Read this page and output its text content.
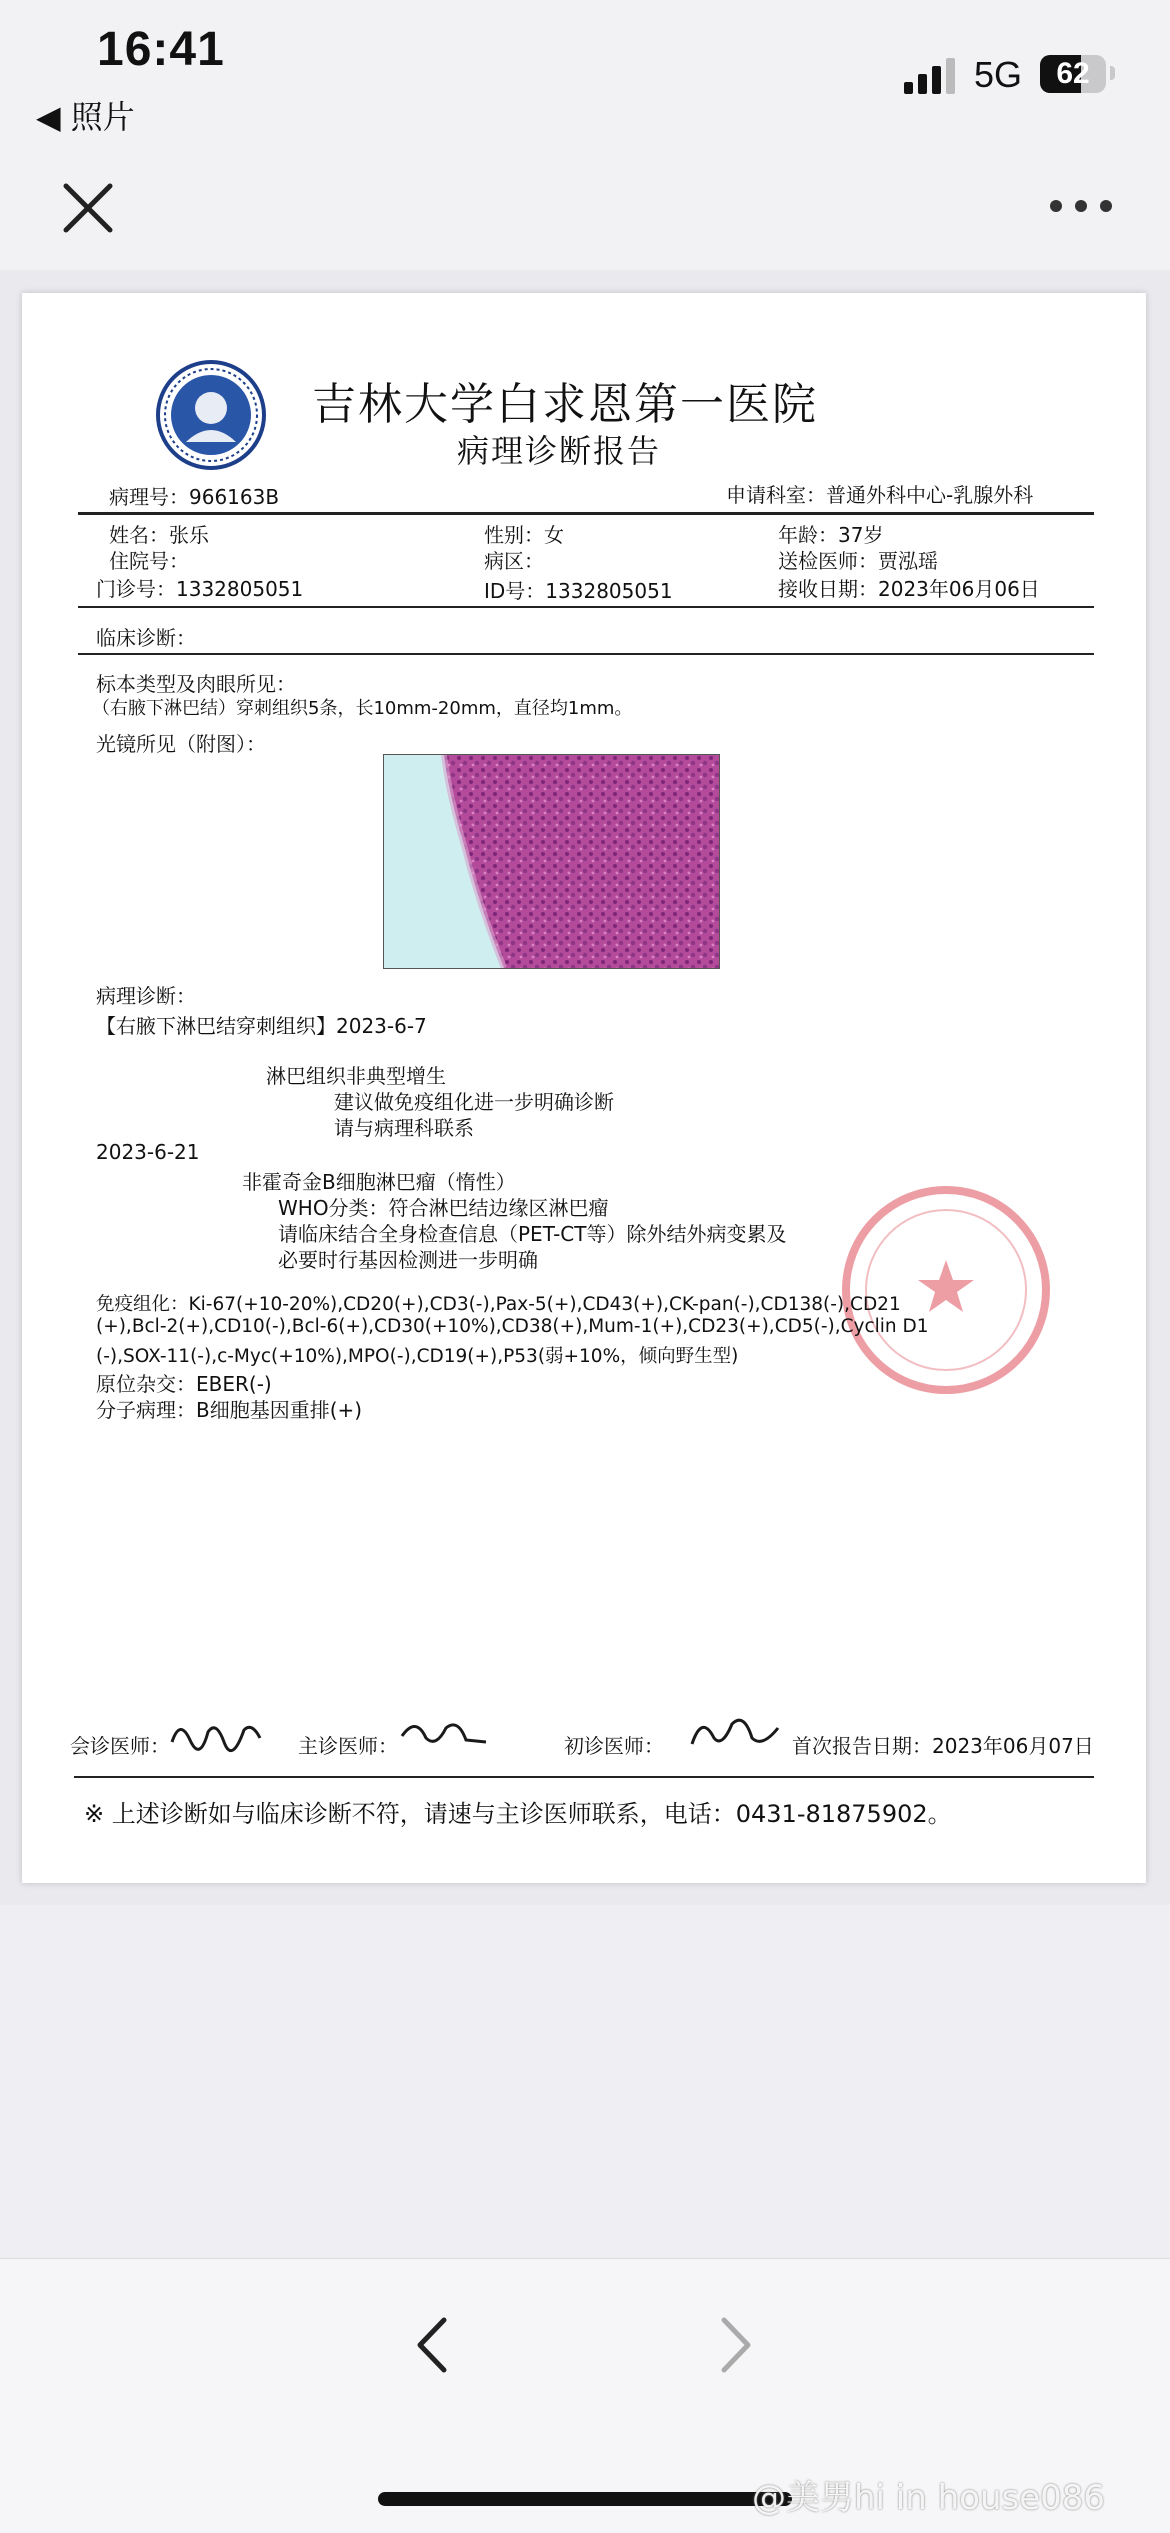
16:41
◀ 照片
5G	62
吉林大学白求恩第一医院
病理诊断报告
病理号：966163B	申请科室：普通外科中心-乳腺外科
姓名：张乐	性别：女	年龄：37岁
住院号：	病区：	送检医师：贾泓瑶
门诊号：1332805051	ID号：1332805051	接收日期：2023年06月06日
临床诊断：
标本类型及肉眼所见：
（右腋下淋巴结）穿刺组织5条，长10mm-20mm，直径均1mm。
光镜所见（附图）：
病理诊断：
【右腋下淋巴结穿刺组织】2023-6-7
淋巴组织非典型增生
建议做免疫组化进一步明确诊断
请与病理科联系
2023-6-21
非霍奇金B细胞淋巴瘤（惰性）
WHO分类：符合淋巴结边缘区淋巴瘤
请临床结合全身检查信息（PET-CT等）除外结外病变累及
必要时行基因检测进一步明确
免疫组化：Ki-67(+10-20%),CD20(+),CD3(-),Pax-5(+),CD43(+),CK-pan(-),CD138(-),CD21
(+),Bcl-2(+),CD10(-),Bcl-6(+),CD30(+10%),CD38(+),Mum-1(+),CD23(+),CD5(-),Cyclin D1
(-),SOX-11(-),c-Myc(+10%),MPO(-),CD19(+),P53(弱+10%，倾向野生型)
原位杂交：EBER(-)
分子病理：B细胞基因重排(+)
会诊医师：	主诊医师：	初诊医师：	首次报告日期：2023年06月07日
※ 上述诊断如与临床诊断不符，请速与主诊医师联系，电话：0431-81875902。
@美男hi in house086
